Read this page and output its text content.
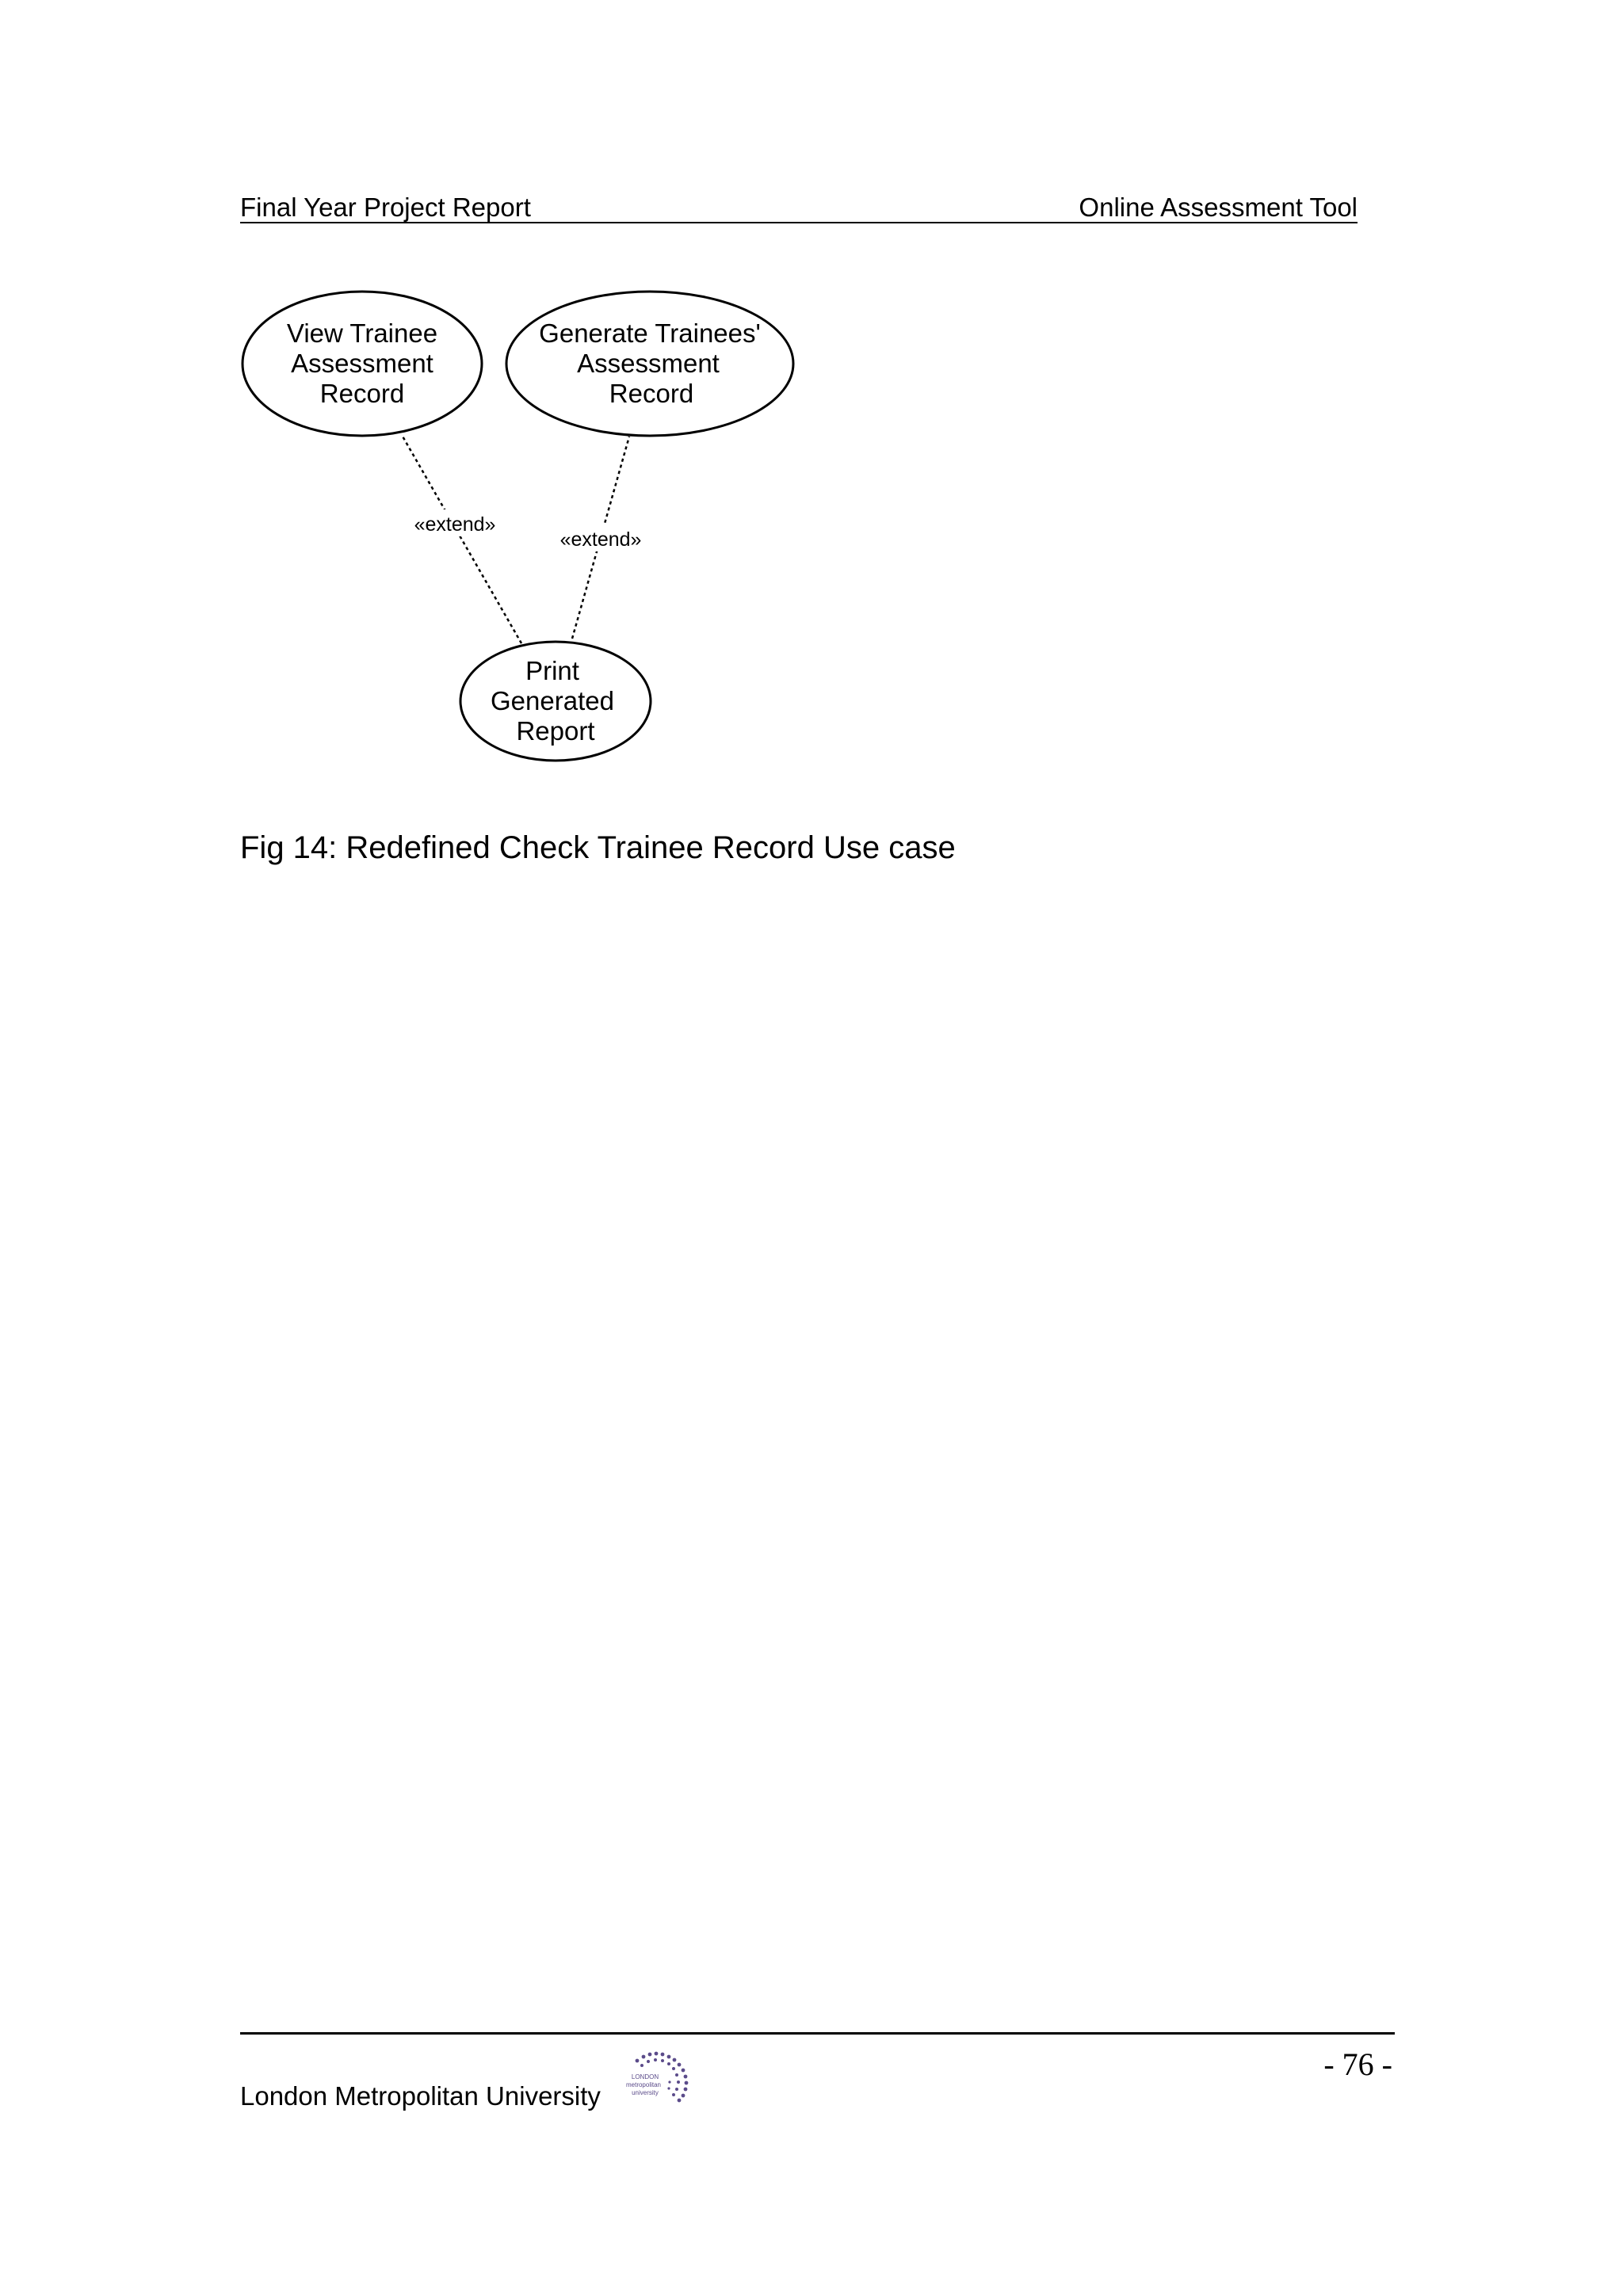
Final Year Project Report	Online Assessment Tool
«extend»
«extend»
View Trainee
Assessment
Record
Generate Trainees'
Assessment
Record
Print
Generated
Report
Fig 14: Redefined Check Trainee Record Use case
- 76 -
London Metropolitan University
LONDON
metropolitan
university
